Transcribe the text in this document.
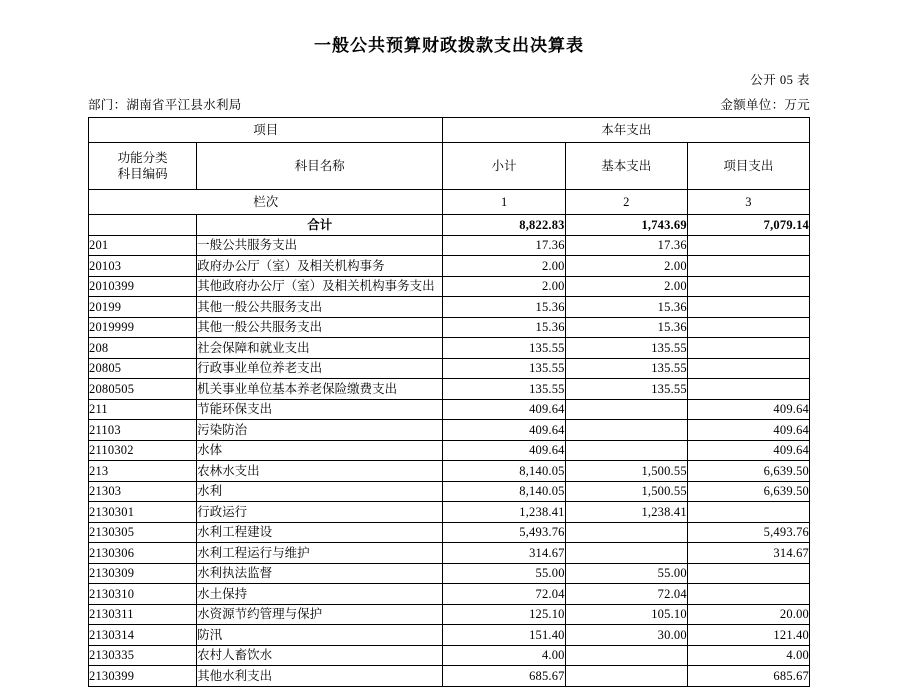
一般公共预算财政拨款支出决算表
公开 05 表
部门：湖南省平江县水利局	金额单位：万元
项目		本年支出		

功能分类
科目编码	科目名称	小计	基本支出	项目支出
栏次		1	2	3
	合计	8,822.83	1,743.69	7,079.14
201	一般公共服务支出	17.36	17.36	
20103	政府办公厅（室）及相关机构事务	2.00	2.00	
2010399	其他政府办公厅（室）及相关机构事务支出	2.00	2.00	
20199	其他一般公共服务支出	15.36	15.36	
2019999	其他一般公共服务支出	15.36	15.36	
208	社会保障和就业支出	135.55	135.55	
20805	行政事业单位养老支出	135.55	135.55	
2080505	机关事业单位基本养老保险缴费支出	135.55	135.55	
211	节能环保支出	409.64		409.64
21103	污染防治	409.64		409.64
2110302	水体	409.64		409.64
213	农林水支出	8,140.05	1,500.55	6,639.50
21303	水利	8,140.05	1,500.55	6,639.50
2130301	行政运行	1,238.41	1,238.41	
2130305	水利工程建设	5,493.76		5,493.76
2130306	水利工程运行与维护	314.67		314.67
2130309	水利执法监督	55.00	55.00	
2130310	水土保持	72.04	72.04	
2130311	水资源节约管理与保护	125.10	105.10	20.00
2130314	防汛	151.40	30.00	121.40
2130335	农村人畜饮水	4.00		4.00
2130399	其他水利支出	685.67		685.67
